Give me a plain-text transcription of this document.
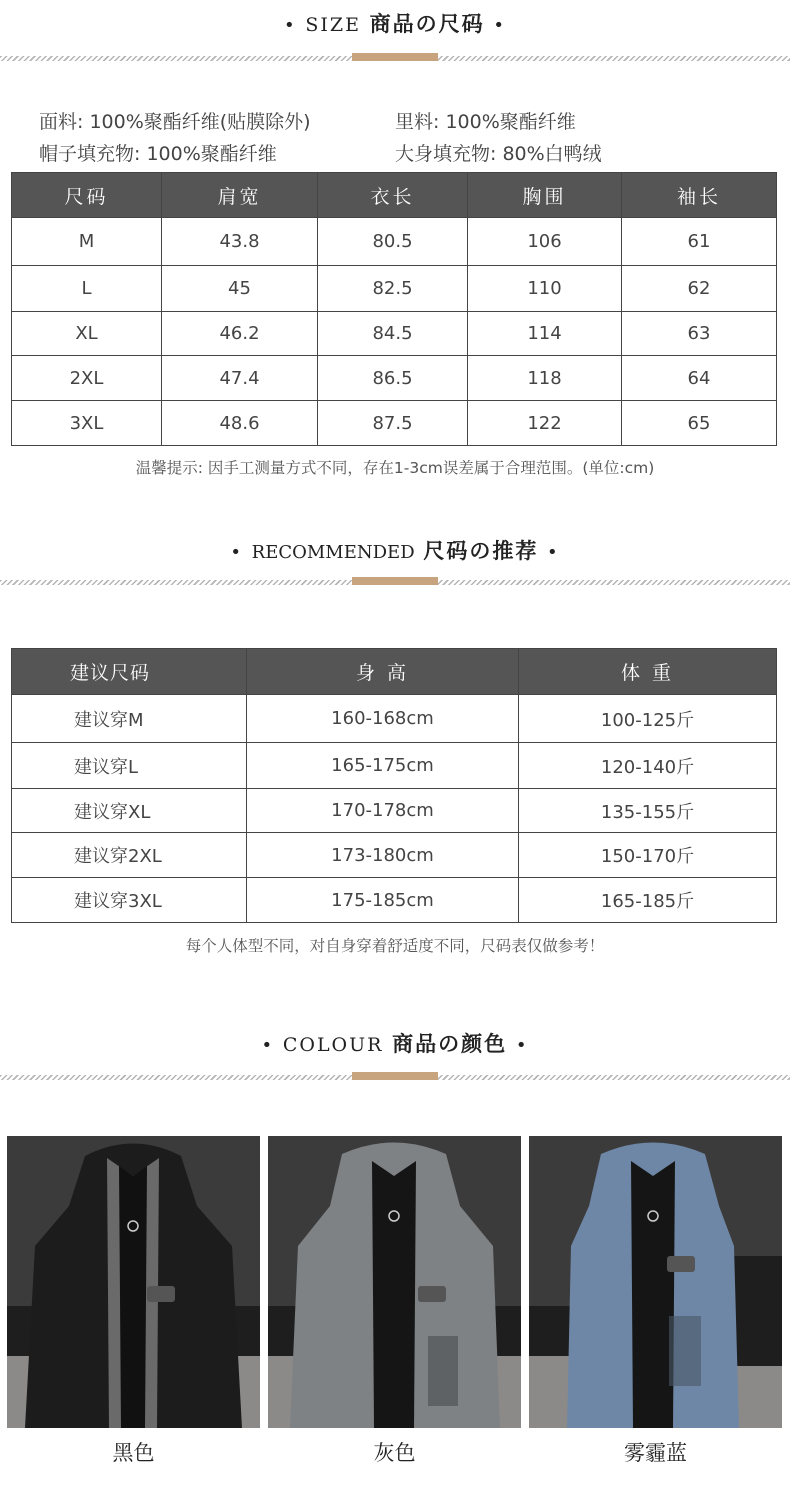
• SIZE 商品の尺码 •
面料: 100%聚酯纤维(贴膜除外)	里料: 100%聚酯纤维
帽子填充物: 100%聚酯纤维	大身填充物: 80%白鸭绒
尺码	肩宽	衣长	胸围	袖长
M	43.8	80.5	106	61
L	45	82.5	110	62
XL	46.2	84.5	114	63
2XL	47.4	86.5	118	64
3XL	48.6	87.5	122	65
温馨提示: 因手工测量方式不同，存在1-3cm误差属于合理范围。(单位:cm)
• RECOMMENDED 尺码の推荐 •
建议尺码	身 高	体 重
建议穿M	160-168cm	100-125斤
建议穿L	165-175cm	120-140斤
建议穿XL	170-178cm	135-155斤
建议穿2XL	173-180cm	150-170斤
建议穿3XL	175-185cm	165-185斤
每个人体型不同，对自身穿着舒适度不同，尺码表仅做参考！
• COLOUR 商品の颜色 •
黑色	灰色	雾霾蓝
